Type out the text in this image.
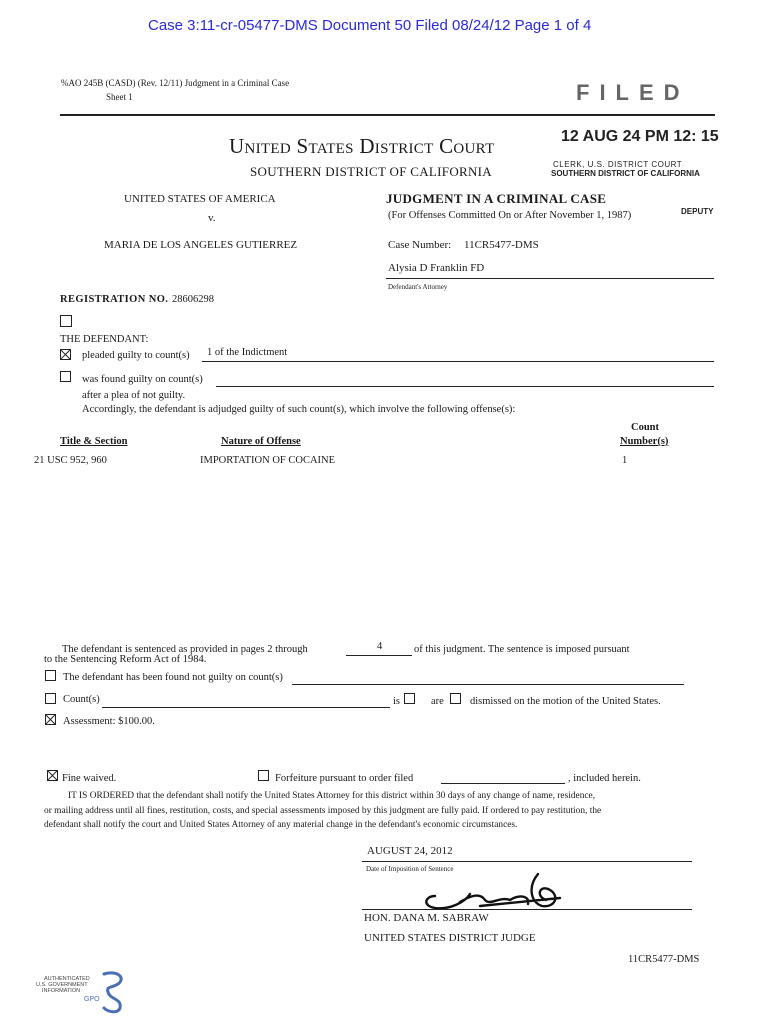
Case 3:11-cr-05477-DMS Document 50 Filed 08/24/12 Page 1 of 4
%AO 245B (CASD) (Rev. 12/11) Judgment in a Criminal Case
Sheet 1	FILED
United States District Court
SOUTHERN DISTRICT OF CALIFORNIA
12 AUG 24 PM 12: 15
CLERK, U.S. DISTRICT COURT
SOUTHERN DISTRICT OF CALIFORNIA
UNITED STATES OF AMERICA
v.
MARIA DE LOS ANGELES GUTIERREZ
JUDGMENT IN A CRIMINAL CASE
(For Offenses Committed On or After November 1, 1987)	DEPUTY
Case Number: 11CR5477-DMS
Alysia D Franklin FD
Defendant's Attorney
REGISTRATION NO. 28606298
THE DEFENDANT:
pleaded guilty to count(s) 1 of the Indictment
was found guilty on count(s)
after a plea of not guilty.
Accordingly, the defendant is adjudged guilty of such count(s), which involve the following offense(s):
Title & Section	Nature of Offense
Count
Number(s)
21 USC 952, 960	IMPORTATION OF COCAINE	1
The defendant is sentenced as provided in pages 2 through	4	of this judgment. The sentence is imposed pursuant
to the Sentencing Reform Act of 1984.
The defendant has been found not guilty on count(s)
Count(s)	is	are dismissed on the motion of the United States.
Assessment: $100.00.
Fine waived.	Forfeiture pursuant to order filed	, included herein.
IT IS ORDERED that the defendant shall notify the United States Attorney for this district within 30 days of any change of name, residence,
or mailing address until all fines, restitution, costs, and special assessments imposed by this judgment are fully paid. If ordered to pay restitution, the
defendant shall notify the court and United States Attorney of any material change in the defendant's economic circumstances.
AUGUST 24, 2012
Date of Imposition of Sentence
HON. DANA M. SABRAW
UNITED STATES DISTRICT JUDGE
11CR5477-DMS
AUTHENTICATED
U.S. GOVERNMENT
INFORMATION
GPO
